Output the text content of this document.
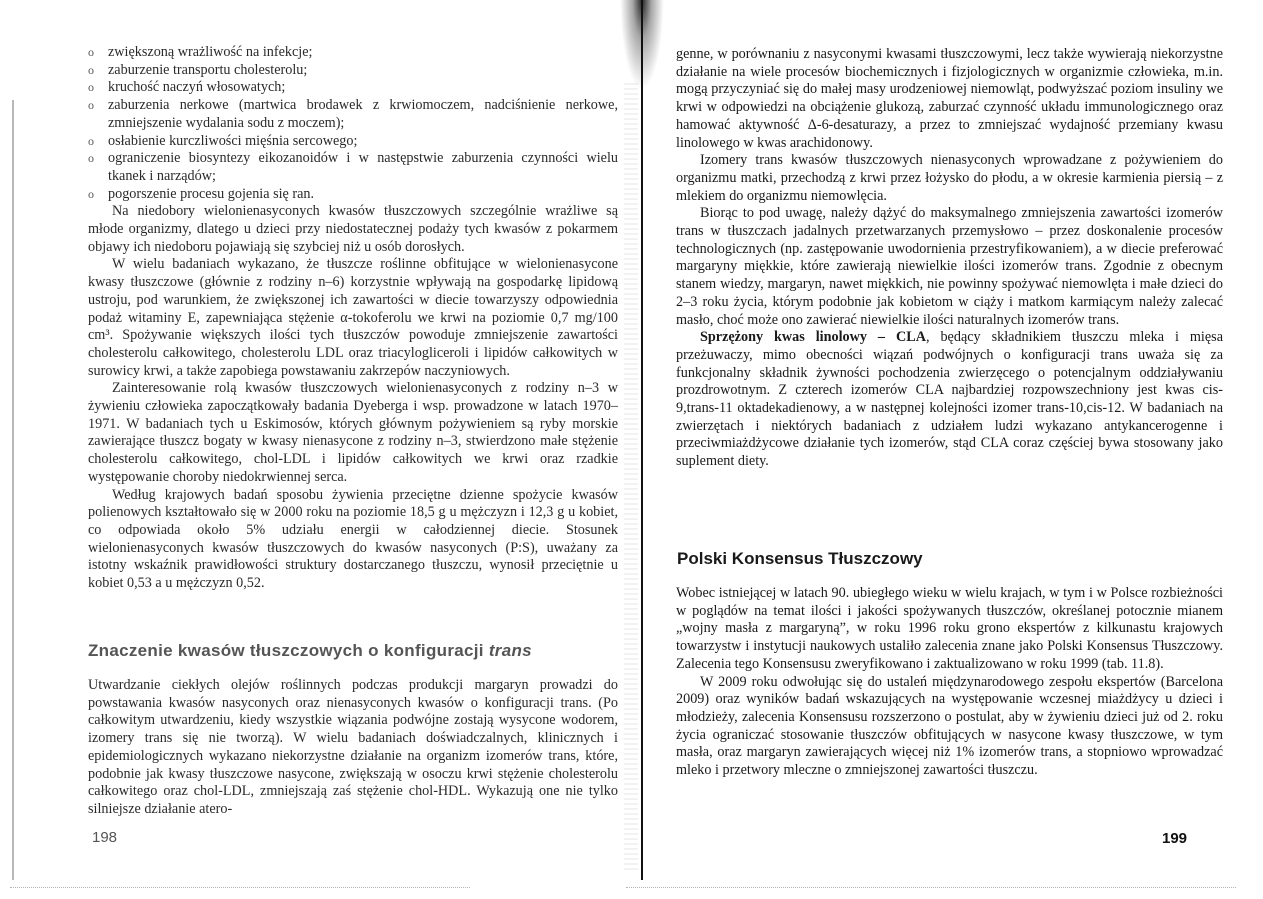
o zwiększoną wrażliwość na infekcje;
o zaburzenie transportu cholesterolu;
o kruchość naczyń włosowatych;
o zaburzenia nerkowe (martwica brodawek z krwiomoczem, nadciśnienie nerkowe, zmniejszenie wydalania sodu z moczem);
o osłabienie kurczliwości mięśnia sercowego;
o ograniczenie biosyntezy eikozanoidów i w następstwie zaburzenia czynności wielu tkanek i narządów;
o pogorszenie procesu gojenia się ran.

Na niedobory wielonienasyconych kwasów tłuszczowych szczególnie wrażliwe są młode organizmy, dlatego u dzieci przy niedostatecznej podaży tych kwasów z pokarmem objawy ich niedoboru pojawiają się szybciej niż u osób dorosłych.

W wielu badaniach wykazano, że tłuszcze roślinne obfitujące w wielonienasycone kwasy tłuszczowe (głównie z rodziny n–6) korzystnie wpływają na gospodarkę lipidową ustroju, pod warunkiem, że zwiększonej ich zawartości w diecie towarzyszy odpowiednia podaż witaminy E, zapewniająca stężenie α-tokoferolu we krwi na poziomie 0,7 mg/100 cm³. Spożywanie większych ilości tych tłuszczów powoduje zmniejszenie zawartości cholesterolu całkowitego, cholesterolu LDL oraz triacylogliceroli i lipidów całkowitych w surowicy krwi, a także zapobiega powstawaniu zakrzepów naczyniowych.

Zainteresowanie rolą kwasów tłuszczowych wielonienasyconych z rodziny n–3 w żywieniu człowieka zapoczątkowały badania Dyeberga i wsp. prowadzone w latach 1970–1971. W badaniach tych u Eskimosów, których głównym pożywieniem są ryby morskie zawierające tłuszcz bogaty w kwasy nienasycone z rodziny n–3, stwierdzono małe stężenie cholesterolu całkowitego, chol-LDL i lipidów całkowitych we krwi oraz rzadkie występowanie choroby niedokrwiennej serca.

Według krajowych badań sposobu żywienia przeciętne dzienne spożycie kwasów polienowych kształtowało się w 2000 roku na poziomie 18,5 g u mężczyzn i 12,3 g u kobiet, co odpowiada około 5% udziału energii w całodziennej diecie. Stosunek wielonienasyconych kwasów tłuszczowych do kwasów nasyconych (P:S), uważany za istotny wskaźnik prawidłowości struktury dostarczanego tłuszczu, wynosił przeciętnie u kobiet 0,53 a u mężczyzn 0,52.

Znaczenie kwasów tłuszczowych o konfiguracji trans

Utwardzanie ciekłych olejów roślinnych podczas produkcji margaryn prowadzi do powstawania kwasów nasyconych oraz nienasyconych kwasów o konfiguracji trans. (Po całkowitym utwardzeniu, kiedy wszystkie wiązania podwójne zostają wysycone wodorem, izomery trans się nie tworzą). W wielu badaniach doświadczalnych, klinicznych i epidemiologicznych wykazano niekorzystne działanie na organizm izomerów trans, które, podobnie jak kwasy tłuszczowe nasycone, zwiększają w osoczu krwi stężenie cholesterolu całkowitego oraz chol-LDL, zmniejszają zaś stężenie chol-HDL. Wykazują one nie tylko silniejsze działanie atero-

198

genne, w porównaniu z nasyconymi kwasami tłuszczowymi, lecz także wywierają niekorzystne działanie na wiele procesów biochemicznych i fizjologicznych w organizmie człowieka, m.in. mogą przyczyniać się do małej masy urodzeniowej niemowląt, podwyższać poziom insuliny we krwi w odpowiedzi na obciążenie glukozą, zaburzać czynność układu immunologicznego oraz hamować aktywność Δ-6-desaturazy, a przez to zmniejszać wydajność przemiany kwasu linolowego w kwas arachidonowy.

Izomery trans kwasów tłuszczowych nienasyconych wprowadzane z pożywieniem do organizmu matki, przechodzą z krwi przez łożysko do płodu, a w okresie karmienia piersią – z mlekiem do organizmu niemowlęcia.

Biorąc to pod uwagę, należy dążyć do maksymalnego zmniejszenia zawartości izomerów trans w tłuszczach jadalnych przetwarzanych przemysłowo – przez doskonalenie procesów technologicznych (np. zastępowanie uwodornienia przestryfikowaniem), a w diecie preferować margaryny miękkie, które zawierają niewielkie ilości izomerów trans. Zgodnie z obecnym stanem wiedzy, margaryn, nawet miękkich, nie powinny spożywać niemowlęta i małe dzieci do 2–3 roku życia, którym podobnie jak kobietom w ciąży i matkom karmiącym należy zalecać masło, choć może ono zawierać niewielkie ilości naturalnych izomerów trans.

Sprzężony kwas linolowy – CLA, będący składnikiem tłuszczu mleka i mięsa przeżuwaczy, mimo obecności wiązań podwójnych o konfiguracji trans uważa się za funkcjonalny składnik żywności pochodzenia zwierzęcego o potencjalnym oddziaływaniu prozdrowotnym. Z czterech izomerów CLA najbardziej rozpowszechniony jest kwas cis-9,trans-11 oktadekadienowy, a w następnej kolejności izomer trans-10,cis-12. W badaniach na zwierzętach i niektórych badaniach z udziałem ludzi wykazano antykancerogenne i przeciwmiażdżycowe działanie tych izomerów, stąd CLA coraz częściej bywa stosowany jako suplement diety.

Polski Konsensus Tłuszczowy

Wobec istniejącej w latach 90. ubiegłego wieku w wielu krajach, w tym i w Polsce rozbieżności w poglądów na temat ilości i jakości spożywanych tłuszczów, określanej potocznie mianem „wojny masła z margaryną”, w roku 1996 roku grono ekspertów z kilkunastu krajowych towarzystw i instytucji naukowych ustaliło zalecenia znane jako Polski Konsensus Tłuszczowy. Zalecenia tego Konsensusu zweryfikowano i zaktualizowano w roku 1999 (tab. 11.8).

W 2009 roku odwołując się do ustaleń międzynarodowego zespołu ekspertów (Barcelona 2009) oraz wyników badań wskazujących na występowanie wczesnej miażdżycy u dzieci i młodzieży, zalecenia Konsensusu rozszerzono o postulat, aby w żywieniu dzieci już od 2. roku życia ograniczać stosowanie tłuszczów obfitujących w nasycone kwasy tłuszczowe, w tym masła, oraz margaryn zawierających więcej niż 1% izomerów trans, a stopniowo wprowadzać mleko i przetwory mleczne o zmniejszonej zawartości tłuszczu.

199
